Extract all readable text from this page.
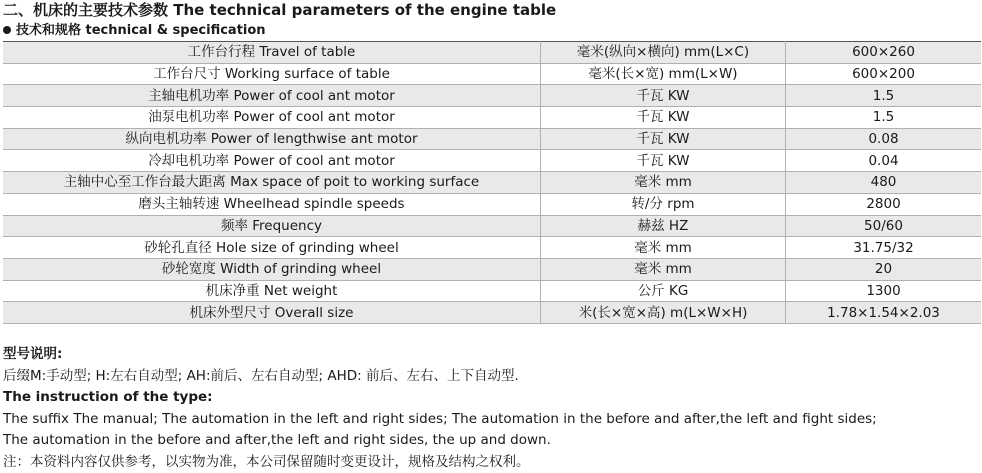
二、机床的主要技术参数 The technical parameters of the engine table
技术和规格 technical & specification
工作台行程 Travel of table	毫米(纵向×横向) mm(L×C)	600×260
工作台尺寸 Working surface of table	毫米(长×宽) mm(L×W)	600×200
主轴电机功率 Power of cool ant motor	千瓦 KW	1.5
油泵电机功率 Power of cool ant motor	千瓦 KW	1.5
纵向电机功率 Power of lengthwise ant motor	千瓦 KW	0.08
冷却电机功率 Power of cool ant motor	千瓦 KW	0.04
主轴中心至工作台最大距离 Max space of poit to working surface	毫米 mm	480
磨头主轴转速 Wheelhead spindle speeds	转/分 rpm	2800
频率 Frequency	赫兹 HZ	50/60
砂轮孔直径 Hole size of grinding wheel	毫米 mm	31.75/32
砂轮宽度 Width of grinding wheel	毫米 mm	20
机床净重 Net weight	公斤 KG	1300
机床外型尺寸 Overall size	米(长×宽×高) m(L×W×H)	1.78×1.54×2.03
型号说明:
后缀M:手动型; H:左右自动型; AH:前后、左右自动型; AHD: 前后、左右、上下自动型.
The instruction of the type:
The suffix The manual; The automation in the left and right sides; The automation in the before and after,the left and fight sides;
The automation in the before and after,the left and right sides, the up and down.
注：本资料内容仅供参考，以实物为准，本公司保留随时变更设计，规格及结构之权利。
